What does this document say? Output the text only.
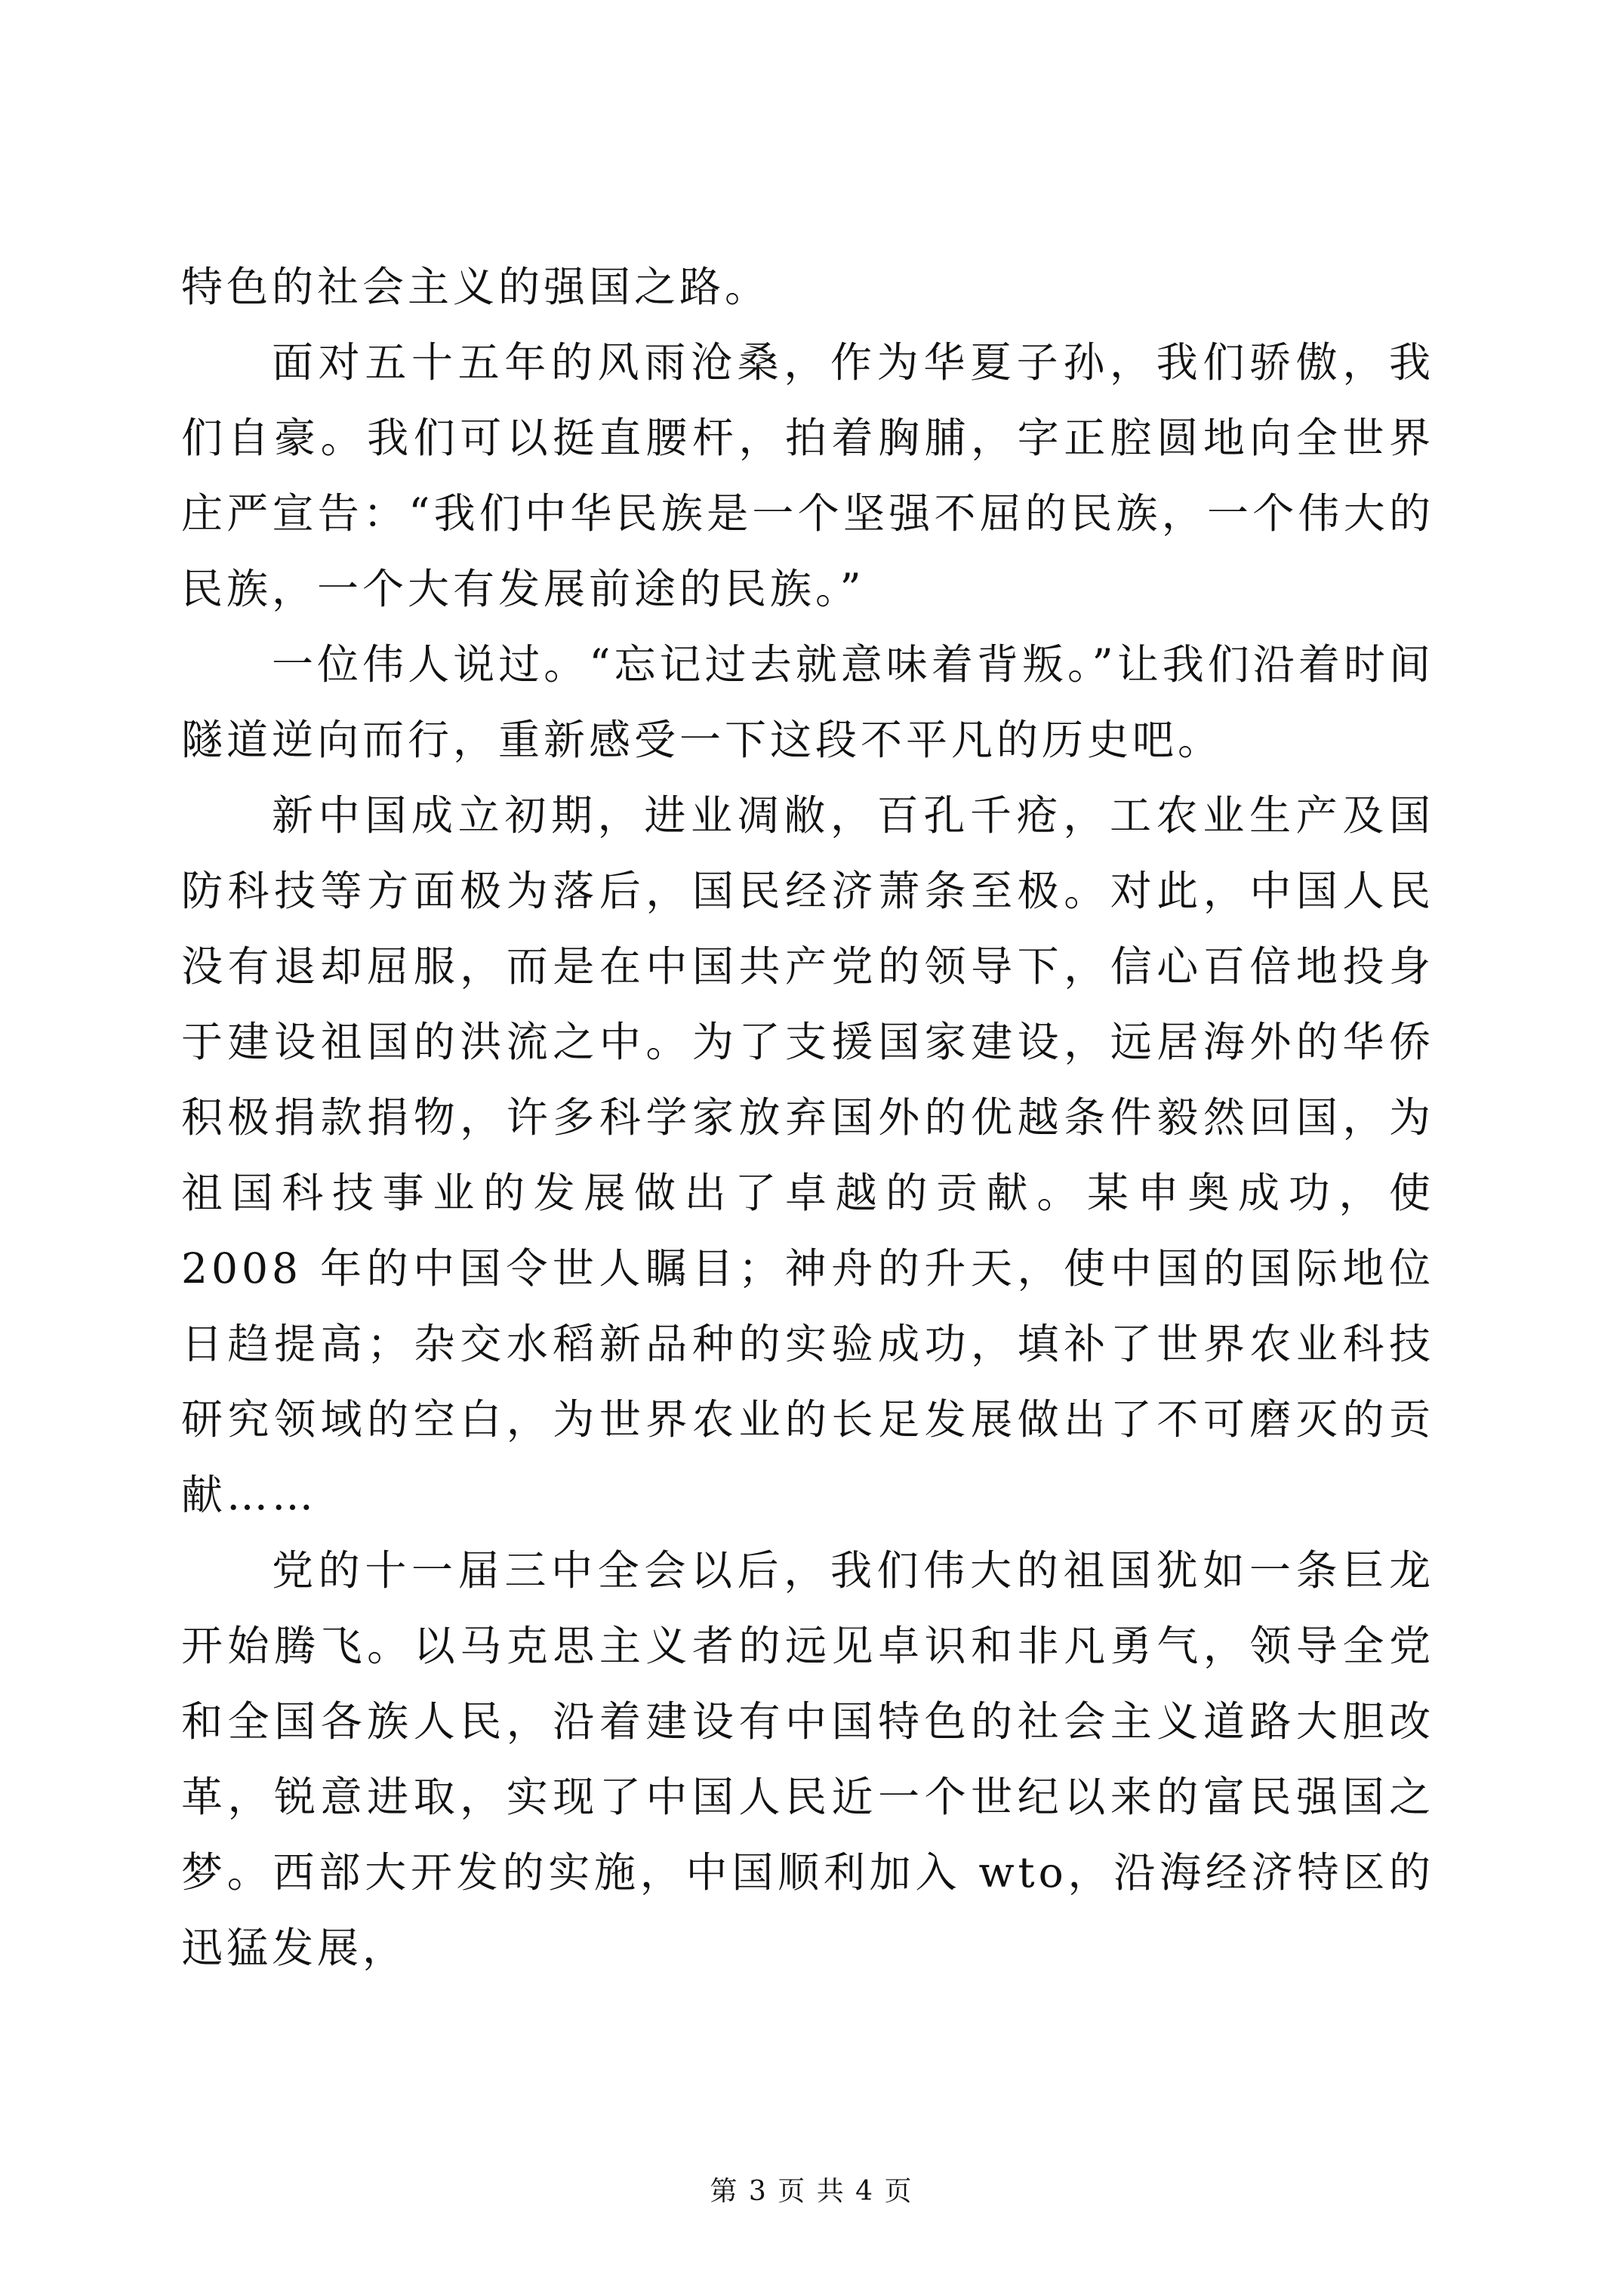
特色的社会主义的强国之路。

面对五十五年的风雨沧桑，作为华夏子孙，我们骄傲，我们自豪。我们可以挺直腰杆，拍着胸脯，字正腔圆地向全世界庄严宣告：“我们中华民族是一个坚强不屈的民族，一个伟大的民族，一个大有发展前途的民族。”

一位伟人说过。“忘记过去就意味着背叛。”让我们沿着时间隧道逆向而行，重新感受一下这段不平凡的历史吧。

新中国成立初期，进业凋敝，百孔千疮，工农业生产及国防科技等方面极为落后，国民经济萧条至极。对此，中国人民没有退却屈服，而是在中国共产党的领导下，信心百倍地投身于建设祖国的洪流之中。为了支援国家建设，远居海外的华侨积极捐款捐物，许多科学家放弃国外的优越条件毅然回国，为祖国科技事业的发展做出了卓越的贡献。某申奥成功，使 2008 年的中国令世人瞩目；神舟的升天，使中国的国际地位日趋提高；杂交水稻新品种的实验成功，填补了世界农业科技研究领域的空白，为世界农业的长足发展做出了不可磨灭的贡献……

党的十一届三中全会以后，我们伟大的祖国犹如一条巨龙开始腾飞。以马克思主义者的远见卓识和非凡勇气，领导全党和全国各族人民，沿着建设有中国特色的社会主义道路大胆改革，锐意进取，实现了中国人民近一个世纪以来的富民强国之梦。西部大开发的实施，中国顺利加入 wto，沿海经济特区的迅猛发展，

第 3 页 共 4 页
